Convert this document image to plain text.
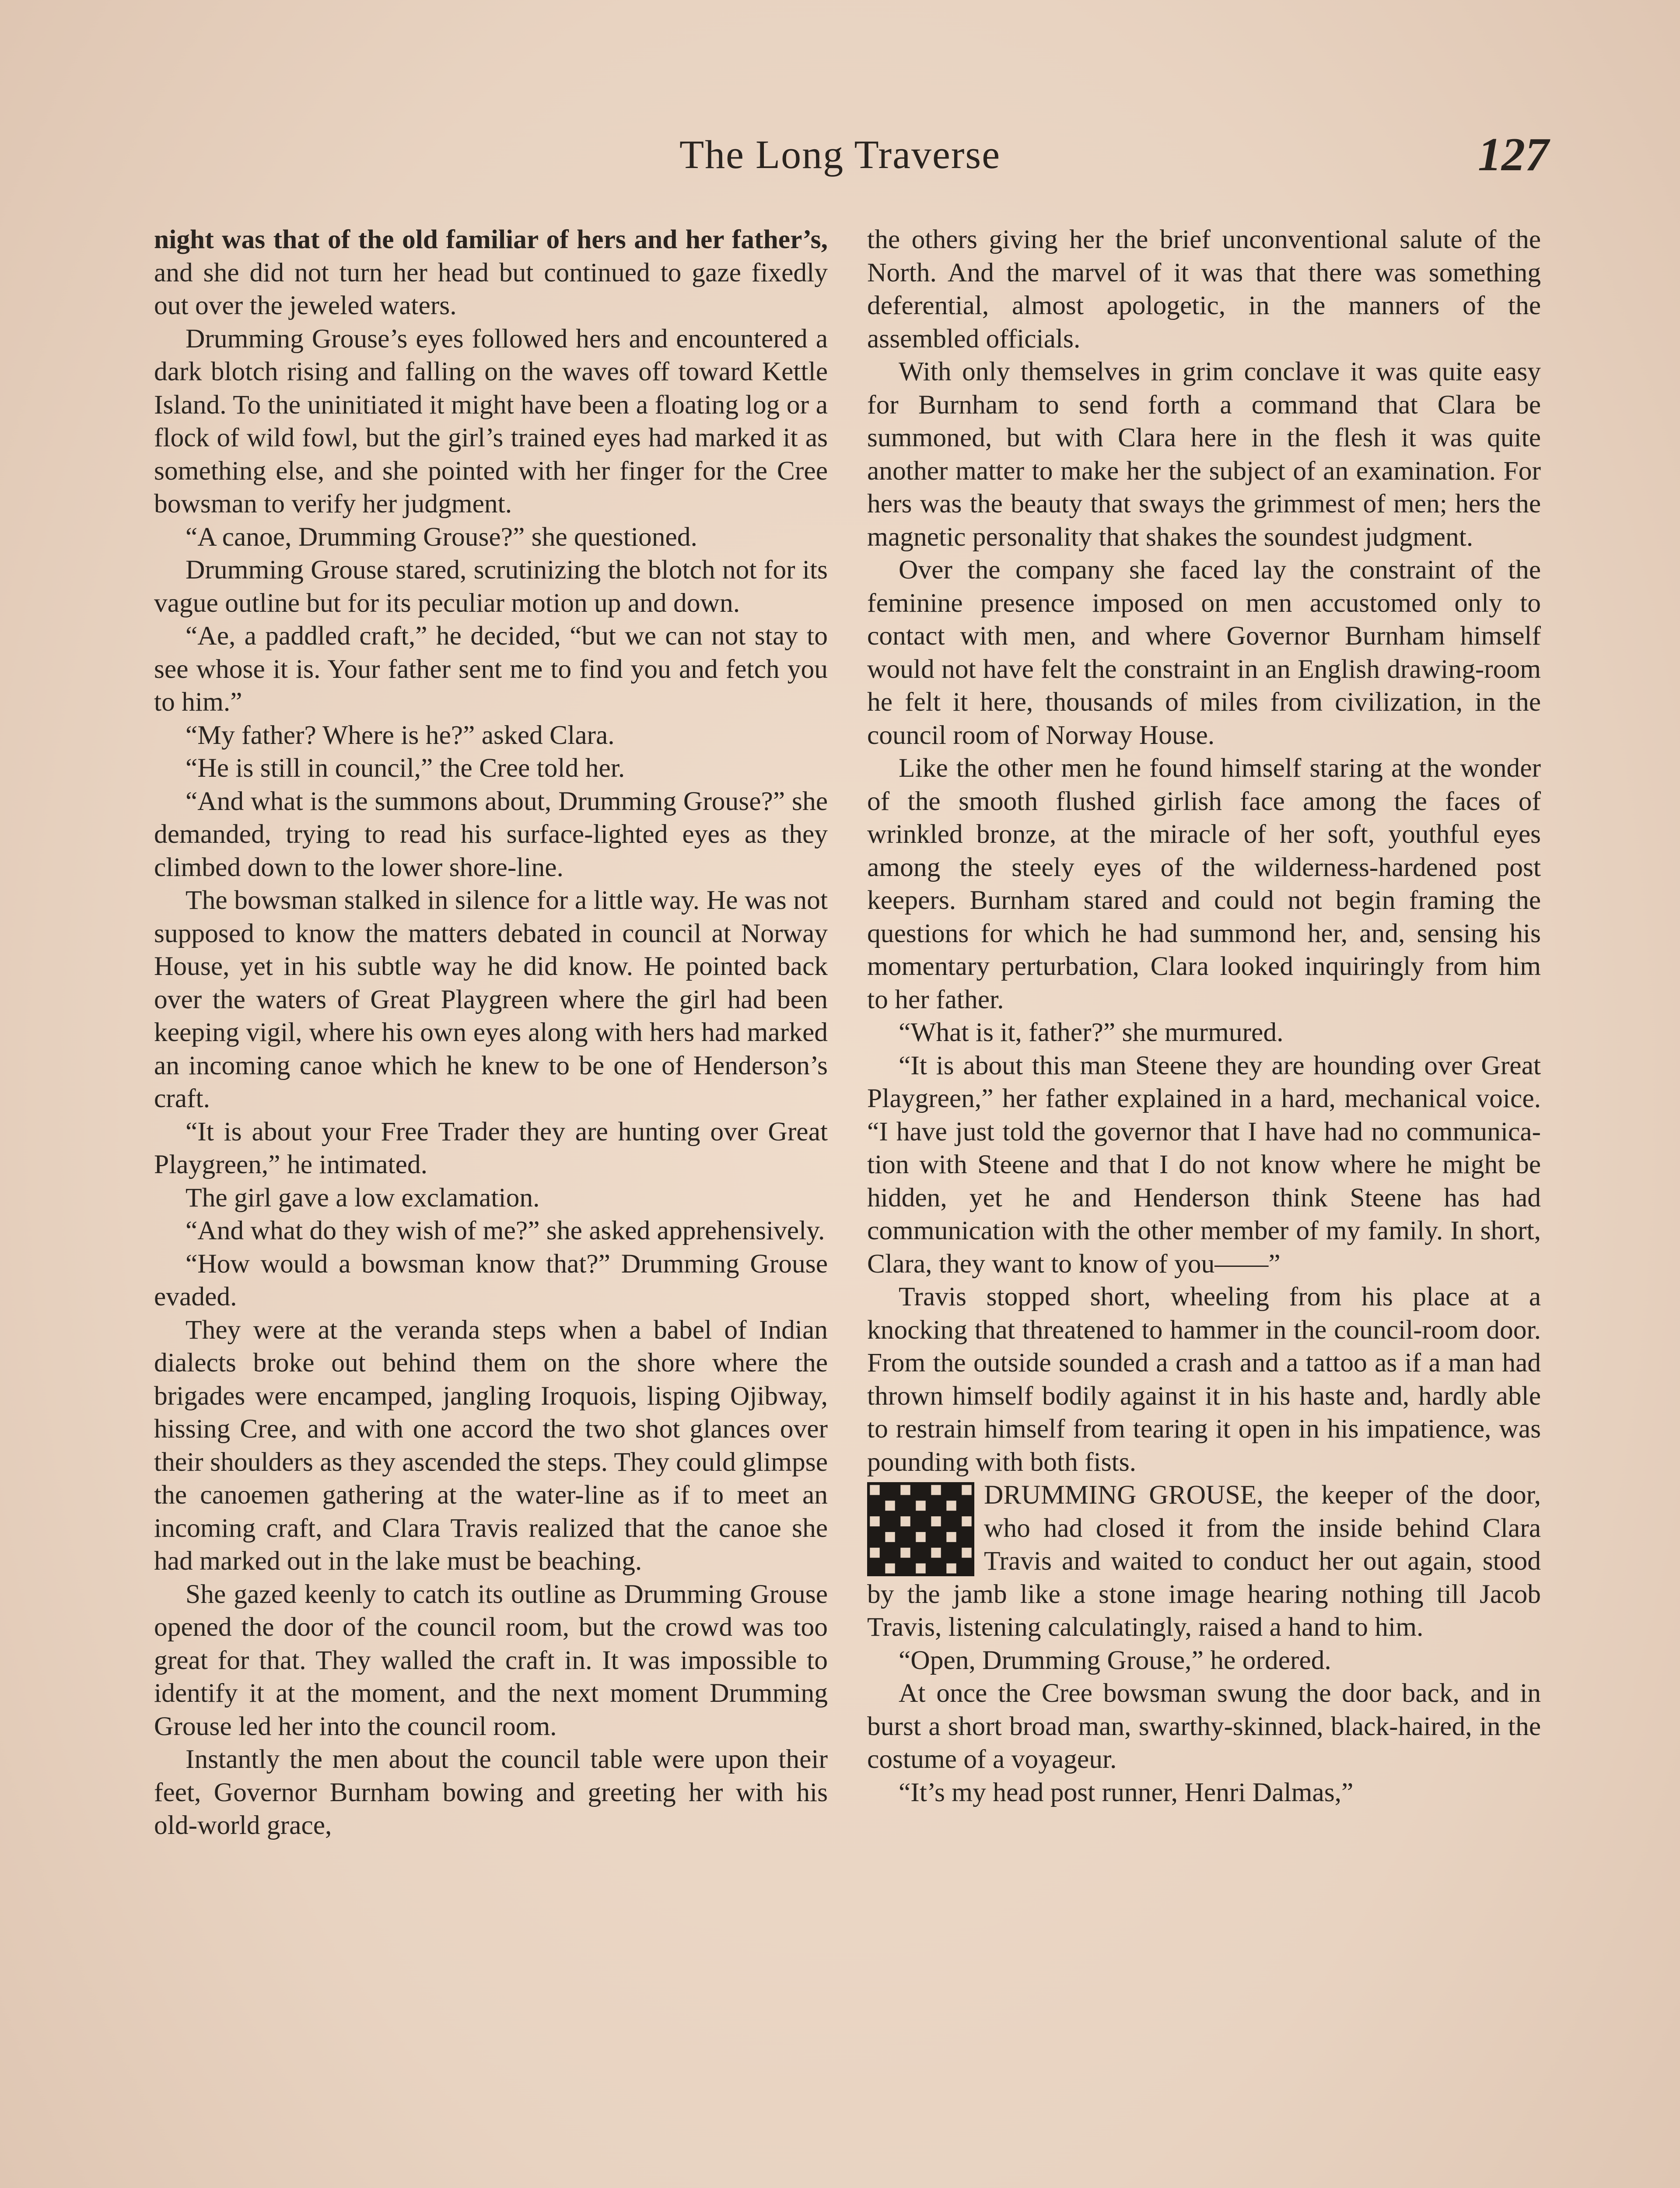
The Long Traverse	127

night was that of the old familiar of hers and her father’s, and she did not turn her head but continued to gaze fixedly out over the jeweled waters.

Drumming Grouse’s eyes followed hers and encountered a dark blotch rising and falling on the waves off toward Kettle Island. To the uninitiated it might have been a floating log or a flock of wild fowl, but the girl’s trained eyes had marked it as something else, and she pointed with her finger for the Cree bowsman to verify her judgment.

“A canoe, Drumming Grouse?” she questioned.

Drumming Grouse stared, scrutinizing the blotch not for its vague outline but for its peculiar motion up and down.

“Ae, a paddled craft,” he decided, “but we can not stay to see whose it is. Your father sent me to find you and fetch you to him.”

“My father? Where is he?” asked Clara.

“He is still in council,” the Cree told her.

“And what is the summons about, Drumming Grouse?” she demanded, trying to read his surface-lighted eyes as they climbed down to the lower shore-line.

The bowsman stalked in silence for a little way. He was not supposed to know the matters debated in council at Norway House, yet in his subtle way he did know. He pointed back over the waters of Great Playgreen where the girl had been keeping vigil, where his own eyes along with hers had marked an incoming canoe which he knew to be one of Henderson’s craft.

“It is about your Free Trader they are hunting over Great Playgreen,” he intimated.

The girl gave a low exclamation.

“And what do they wish of me?” she asked apprehensively.

“How would a bowsman know that?” Drumming Grouse evaded.

They were at the veranda steps when a babel of Indian dialects broke out behind them on the shore where the brigades were encamped, jangling Iroquois, lisping Ojibway, hissing Cree, and with one accord the two shot glances over their shoulders as they ascended the steps. They could glimpse the canoemen gathering at the water-line as if to meet an incoming craft, and Clara Travis realized that the canoe she had marked out in the lake must be beaching.

She gazed keenly to catch its outline as Drumming Grouse opened the door of the council room, but the crowd was too great for that. They walled the craft in. It was impossible to identify it at the moment, and the next moment Drumming Grouse led her into the council room.

Instantly the men about the council table were upon their feet, Governor Burnham bowing and greeting her with his old-world grace,

the others giving her the brief unconventional salute of the North. And the marvel of it was that there was something deferential, almost apologetic, in the manners of the assembled officials.

With only themselves in grim conclave it was quite easy for Burnham to send forth a command that Clara be summoned, but with Clara here in the flesh it was quite another matter to make her the subject of an examination. For hers was the beauty that sways the grimmest of men; hers the magnetic personality that shakes the soundest judgment.

Over the company she faced lay the constraint of the feminine presence imposed on men accustomed only to contact with men, and where Governor Burnham himself would not have felt the constraint in an English drawing-room he felt it here, thousands of miles from civilization, in the council room of Norway House.

Like the other men he found himself staring at the wonder of the smooth flushed girlish face among the faces of wrinkled bronze, at the miracle of her soft, youthful eyes among the steely eyes of the wilderness-hardened post keepers. Burnham stared and could not begin framing the questions for which he had summond her, and, sensing his momentary perturbation, Clara looked inquiringly from him to her father.

“What is it, father?” she murmured.

“It is about this man Steene they are hounding over Great Playgreen,” her father explained in a hard, mechanical voice. “I have just told the governor that I have had no communication with Steene and that I do not know where he might be hidden, yet he and Henderson think Steene has had communication with the other member of my family. In short, Clara, they want to know of you——”

Travis stopped short, wheeling from his place at a knocking that threatened to hammer in the council-room door. From the outside sounded a crash and a tattoo as if a man had thrown himself bodily against it in his haste and, hardly able to restrain himself from tearing it open in his impatience, was pounding with both fists.

DRUMMING GROUSE, the keeper of the door, who had closed it from the inside behind Clara Travis and waited to conduct her out again, stood by the jamb like a stone image hearing nothing till Jacob Travis, listening calculatingly, raised a hand to him.

“Open, Drumming Grouse,” he ordered.

At once the Cree bowsman swung the door back, and in burst a short broad man, swarthy-skinned, black-haired, in the costume of a voyageur.

“It’s my head post runner, Henri Dalmas,”
